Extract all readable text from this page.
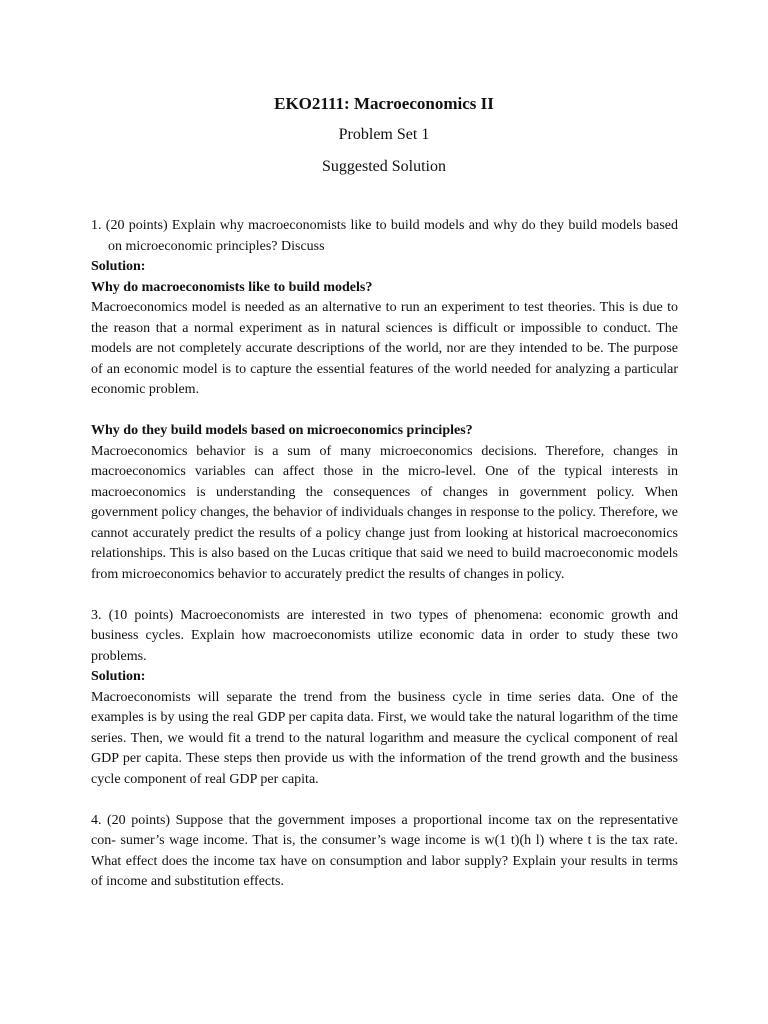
EKO2111: Macroeconomics II
Problem Set 1
Suggested Solution

1. (20 points) Explain why macroeconomists like to build models and why do they build models based on microeconomic principles? Discuss

Solution:

Why do macroeconomists like to build models?

Macroeconomics model is needed as an alternative to run an experiment to test theories. This is due to the reason that a normal experiment as in natural sciences is difficult or impossible to conduct. The models are not completely accurate descriptions of the world, nor are they intended to be. The purpose of an economic model is to capture the essential features of the world needed for analyzing a particular economic problem.

Why do they build models based on microeconomics principles?

Macroeconomics behavior is a sum of many microeconomics decisions. Therefore, changes in macroeconomics variables can affect those in the micro-level. One of the typical interests in macroeconomics is understanding the consequences of changes in government policy. When government policy changes, the behavior of individuals changes in response to the policy. Therefore, we cannot accurately predict the results of a policy change just from looking at historical macroeconomics relationships. This is also based on the Lucas critique that said we need to build macroeconomic models from microeconomics behavior to accurately predict the results of changes in policy.

3. (10 points) Macroeconomists are interested in two types of phenomena: economic growth and business cycles. Explain how macroeconomists utilize economic data in order to study these two problems.

Solution:

Macroeconomists will separate the trend from the business cycle in time series data. One of the examples is by using the real GDP per capita data. First, we would take the natural logarithm of the time series. Then, we would fit a trend to the natural logarithm and measure the cyclical component of real GDP per capita. These steps then provide us with the information of the trend growth and the business cycle component of real GDP per capita.

4. (20 points) Suppose that the government imposes a proportional income tax on the representative con- sumer’s wage income. That is, the consumer’s wage income is w(1 t)(h l) where t is the tax rate. What effect does the income tax have on consumption and labor supply? Explain your results in terms of income and substitution effects.
